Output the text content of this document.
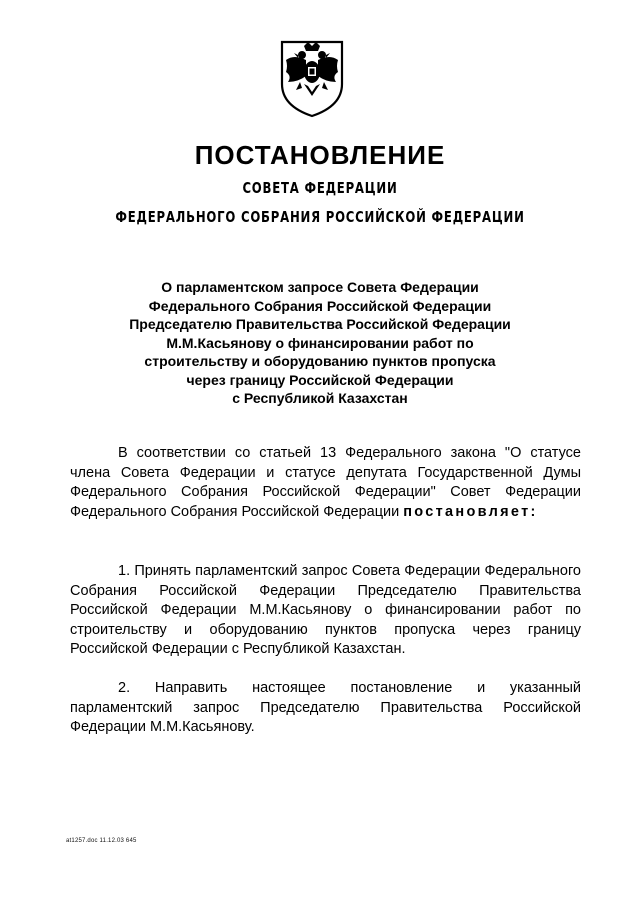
ПОСТАНОВЛЕНИЕ
СОВЕТА ФЕДЕРАЦИИ
ФЕДЕРАЛЬНОГО СОБРАНИЯ РОССИЙСКОЙ ФЕДЕРАЦИИ
О парламентском запросе Совета Федерации
Федерального Собрания Российской Федерации
Председателю Правительства Российской Федерации
М.М.Касьянову о финансировании работ по
строительству и оборудованию пунктов пропуска
через границу Российской Федерации
с Республикой Казахстан
В соответствии со статьей 13 Федерального закона "О статусе члена Совета Федерации и статусе депутата Государственной Думы Федерального Собрания Российской Федерации" Совет Федерации Федерального Собрания Российской Федерации постановляет:
1. Принять парламентский запрос Совета Федерации Федерального Собрания Российской Федерации Председателю Правительства Российской Федерации М.М.Касьянову о финансировании работ по строительству и оборудованию пунктов пропуска через границу Российской Федерации с Республикой Казахстан.
2. Направить настоящее постановление и указанный парламентский запрос Председателю Правительства Российской Федерации М.М.Касьянову.
at1257.doc 11.12.03 645
